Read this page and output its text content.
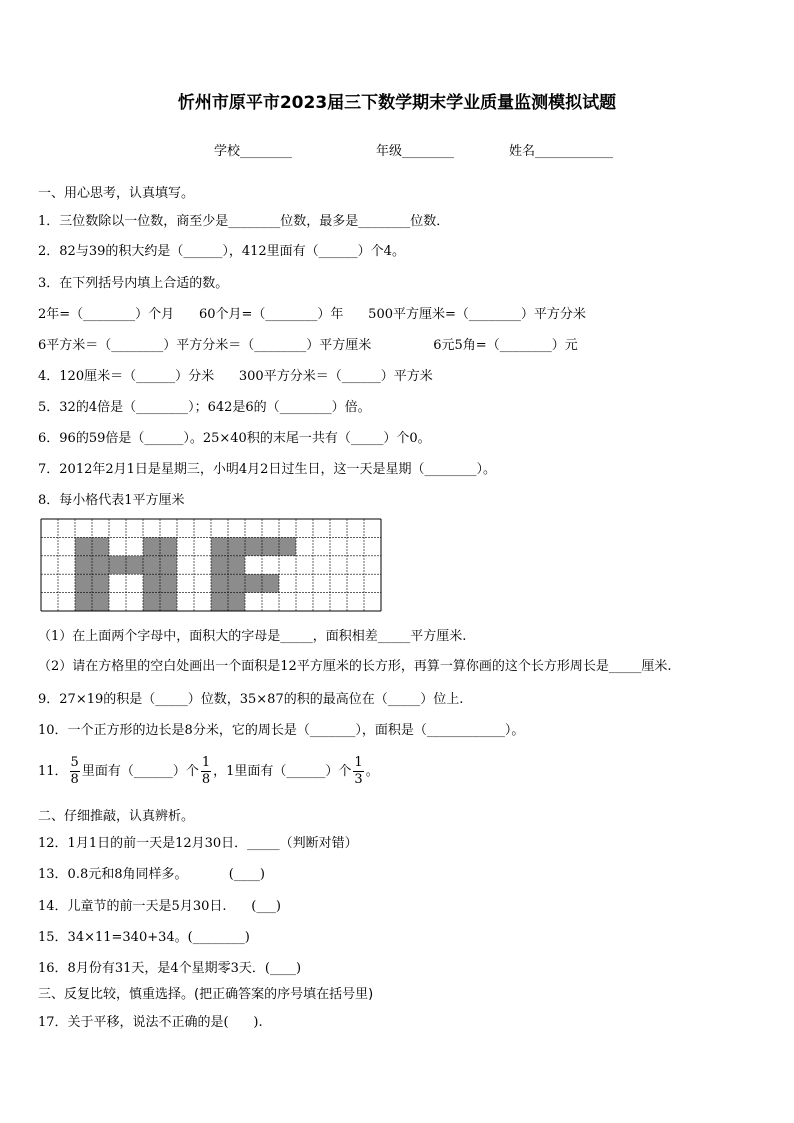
忻州市原平市2023届三下数学期末学业质量监测模拟试题
学校________	年级________	姓名____________
一、用心思考，认真填写。
1．三位数除以一位数，商至少是________位数，最多是________位数．
2．82与39的积大约是（______），412里面有（______）个4。
3．在下列括号内填上合适的数。
2年=（________）个月      60个月=（________）年      500平方厘米=（________）平方分米
6平方米＝（________）平方分米＝（________）平方厘米               6元5角=（________）元
4．120厘米＝（______）分米      300平方分米＝（______）平方米
5．32的4倍是（________）；642是6的（________）倍。
6．96的59倍是（______）。25×40积的末尾一共有（_____）个0。
7．2012年2月1日是星期三，小明4月2日过生日，这一天是星期（________）。
8．每小格代表1平方厘米
（1）在上面两个字母中，面积大的字母是_____，面积相差_____平方厘米.
（2）请在方格里的空白处画出一个面积是12平方厘米的长方形，再算一算你画的这个长方形周长是_____厘米.
9．27×19的积是（_____）位数，35×87的积的最高位在（_____）位上.
10．一个正方形的边长是8分米，它的周长是（_______），面积是（____________）。
11． $\frac{5}{8}$ 里面有（______）个 $\frac{1}{8}$ ，1里面有（______）个 $\frac{1}{3}$ 。
二、仔细推敲，认真辨析。
12．1月1日的前一天是12月30日．_____（判断对错）
13．0.8元和8角同样多。          (____)
14．儿童节的前一天是5月30日.      (___)
15．34×11=340+34。(________)
16．8月份有31天，是4个星期零3天．(____)
三、反复比较，慎重选择。(把正确答案的序号填在括号里)
17．关于平移，说法不正确的是(      ).
